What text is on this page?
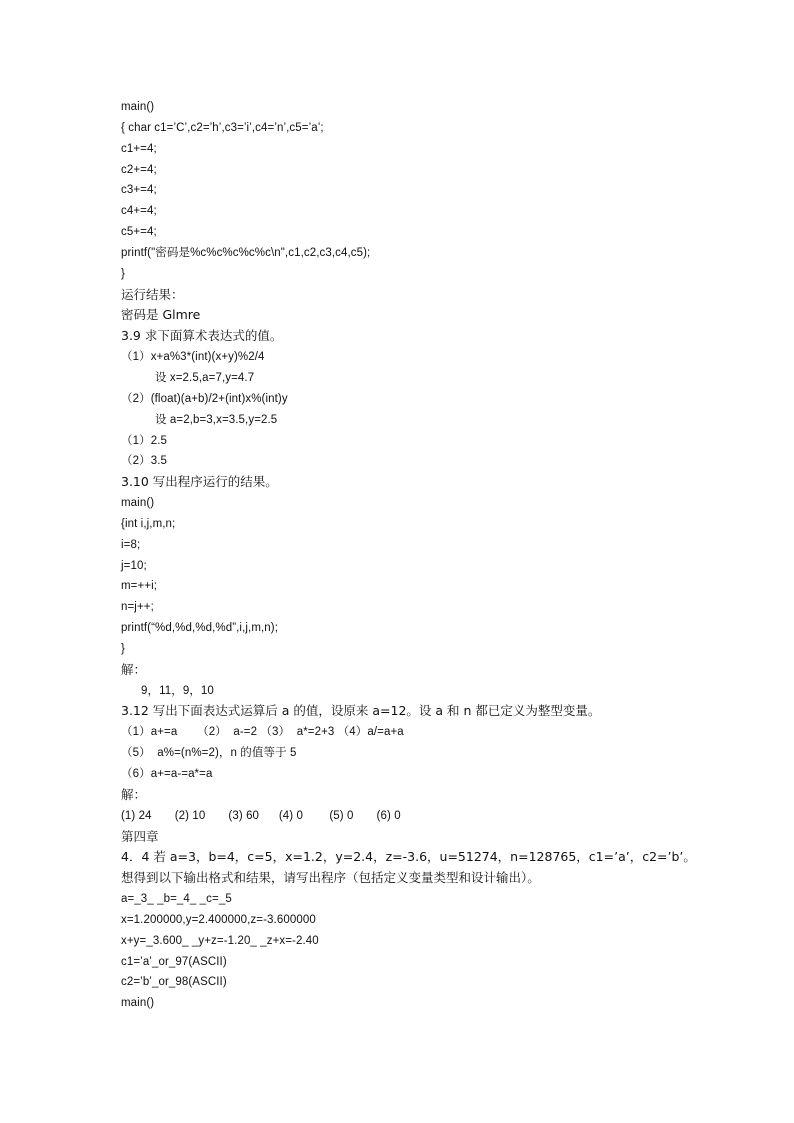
main()
{ char c1=’C’,c2=’h’,c3=’i’,c4=’n’,c5=’a’;
c1+=4;
c2+=4;
c3+=4;
c4+=4;
c5+=4;
printf("密码是%c%c%c%c%c\n",c1,c2,c3,c4,c5);
}
运行结果：
密码是 Glmre
3.9 求下面算术表达式的值。
（1）x+a%3*(int)(x+y)%2/4
设 x=2.5,a=7,y=4.7
（2）(float)(a+b)/2+(int)x%(int)y
设 a=2,b=3,x=3.5,y=2.5
（1）2.5
（2）3.5
3.10 写出程序运行的结果。
main()
{int i,j,m,n;
i=8;
j=10;
m=++i;
n=j++;
printf(“%d,%d,%d,%d”,i,j,m,n);
}
解：
9，11，9，10
3.12 写出下面表达式运算后 a 的值，设原来 a=12。设 a 和 n 都已定义为整型变量。
（1）a+=a      （2）  a-=2 （3）  a*=2+3 （4）a/=a+a
（5）  a%=(n%=2)，n 的值等于 5
（6）a+=a-=a*=a
解：
(1) 24       (2) 10       (3) 60      (4) 0        (5) 0       (6) 0
第四章
4．4 若 a=3，b=4，c=5，x=1.2，y=2.4，z=-3.6，u=51274，n=128765，c1=’a’，c2=’b’。
想得到以下输出格式和结果，请写出程序（包括定义变量类型和设计输出）。
a=_3_ _b=_4_ _c=_5
x=1.200000,y=2.400000,z=-3.600000
x+y=_3.600_ _y+z=-1.20_ _z+x=-2.40
c1=’a’_or_97(ASCII)
c2=’b’_or_98(ASCII)
main()
